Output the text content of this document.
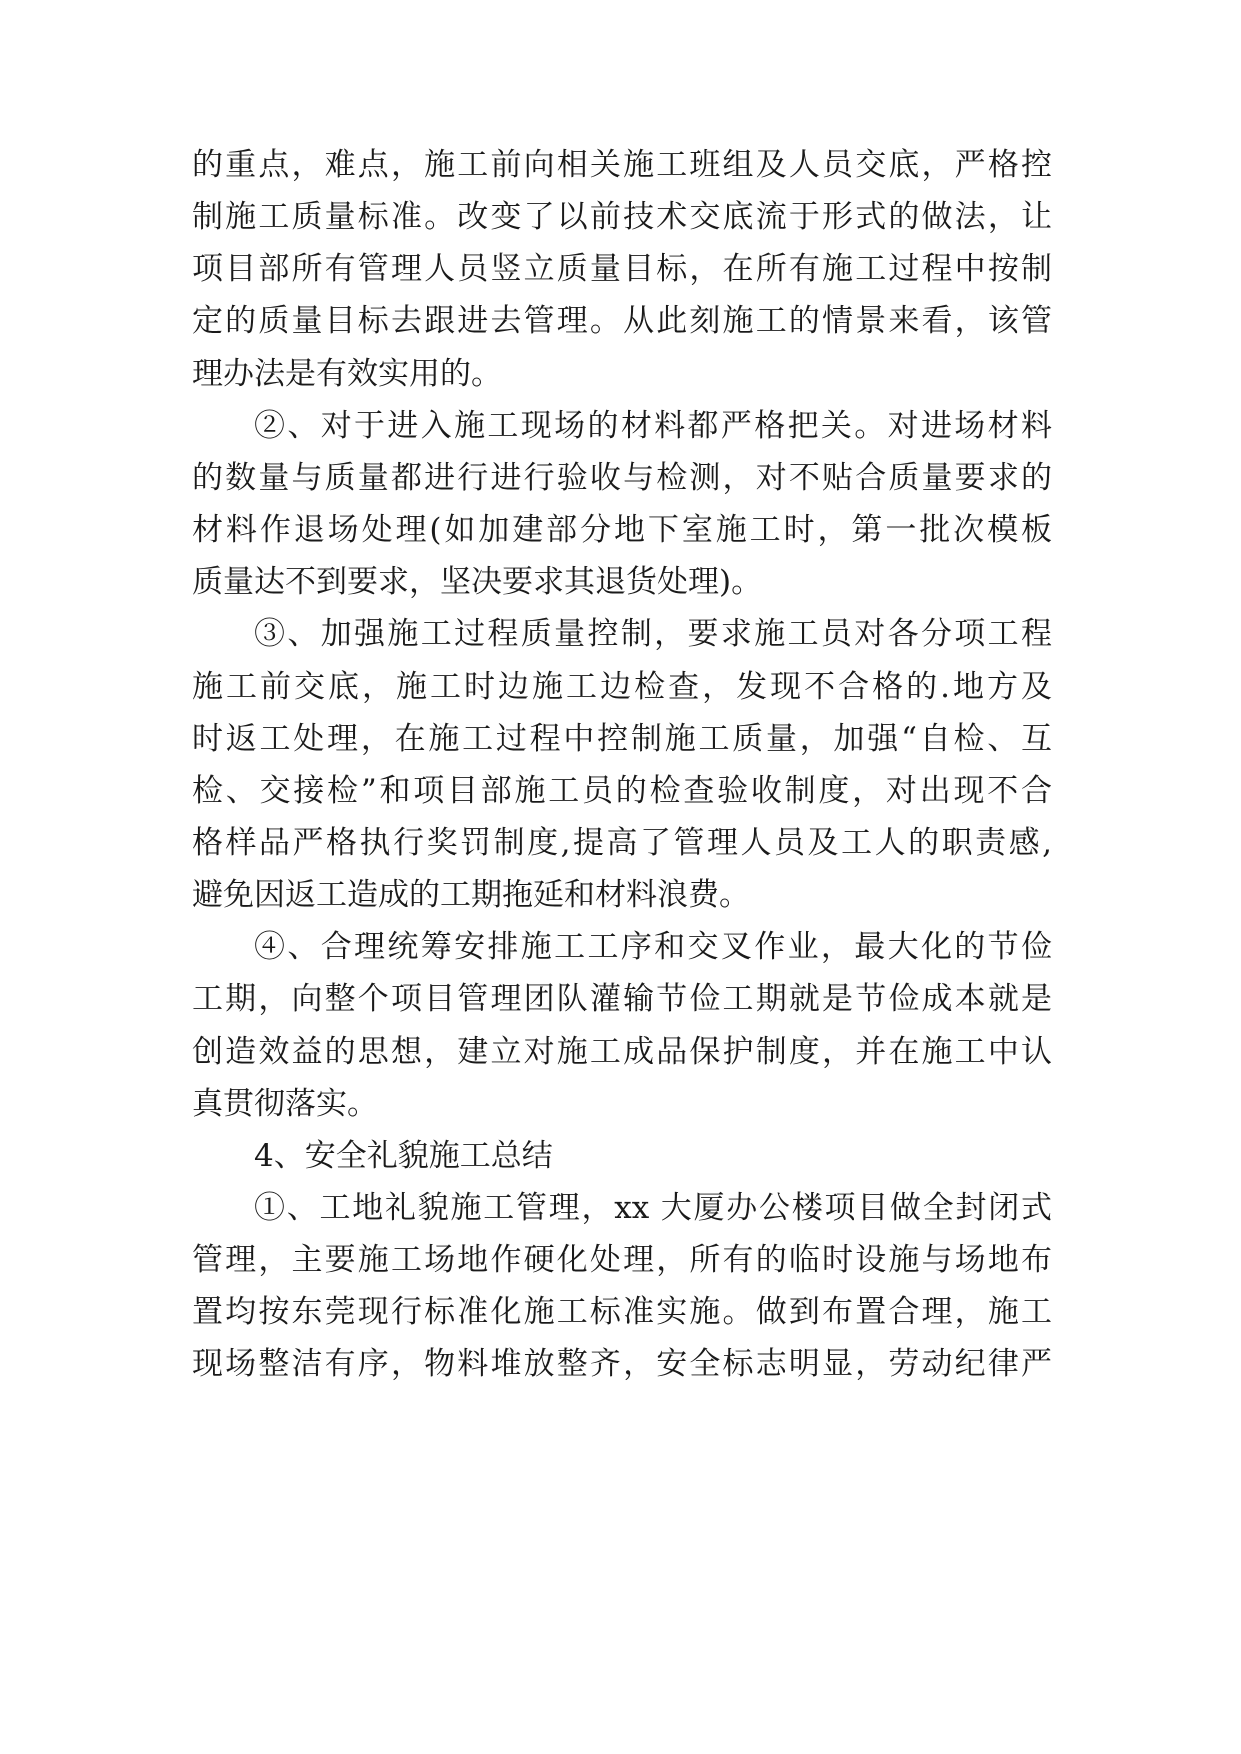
的重点，难点，施工前向相关施工班组及人员交底，严格控
制施工质量标准。改变了以前技术交底流于形式的做法，让
项目部所有管理人员竖立质量目标，在所有施工过程中按制
定的质量目标去跟进去管理。从此刻施工的情景来看，该管
理办法是有效实用的。
②、对于进入施工现场的材料都严格把关。对进场材料
的数量与质量都进行进行验收与检测，对不贴合质量要求的
材料作退场处理(如加建部分地下室施工时，第一批次模板
质量达不到要求，坚决要求其退货处理)。
③、加强施工过程质量控制，要求施工员对各分项工程
施工前交底，施工时边施工边检查，发现不合格的.地方及
时返工处理，在施工过程中控制施工质量，加强“自检、互
检、交接检”和项目部施工员的检查验收制度，对出现不合
格样品严格执行奖罚制度,提高了管理人员及工人的职责感,
避免因返工造成的工期拖延和材料浪费。
④、合理统筹安排施工工序和交叉作业，最大化的节俭
工期，向整个项目管理团队灌输节俭工期就是节俭成本就是
创造效益的思想，建立对施工成品保护制度，并在施工中认
真贯彻落实。
4、安全礼貌施工总结
①、工地礼貌施工管理，xx 大厦办公楼项目做全封闭式
管理，主要施工场地作硬化处理，所有的临时设施与场地布
置均按东莞现行标准化施工标准实施。做到布置合理，施工
现场整洁有序，物料堆放整齐，安全标志明显，劳动纪律严
